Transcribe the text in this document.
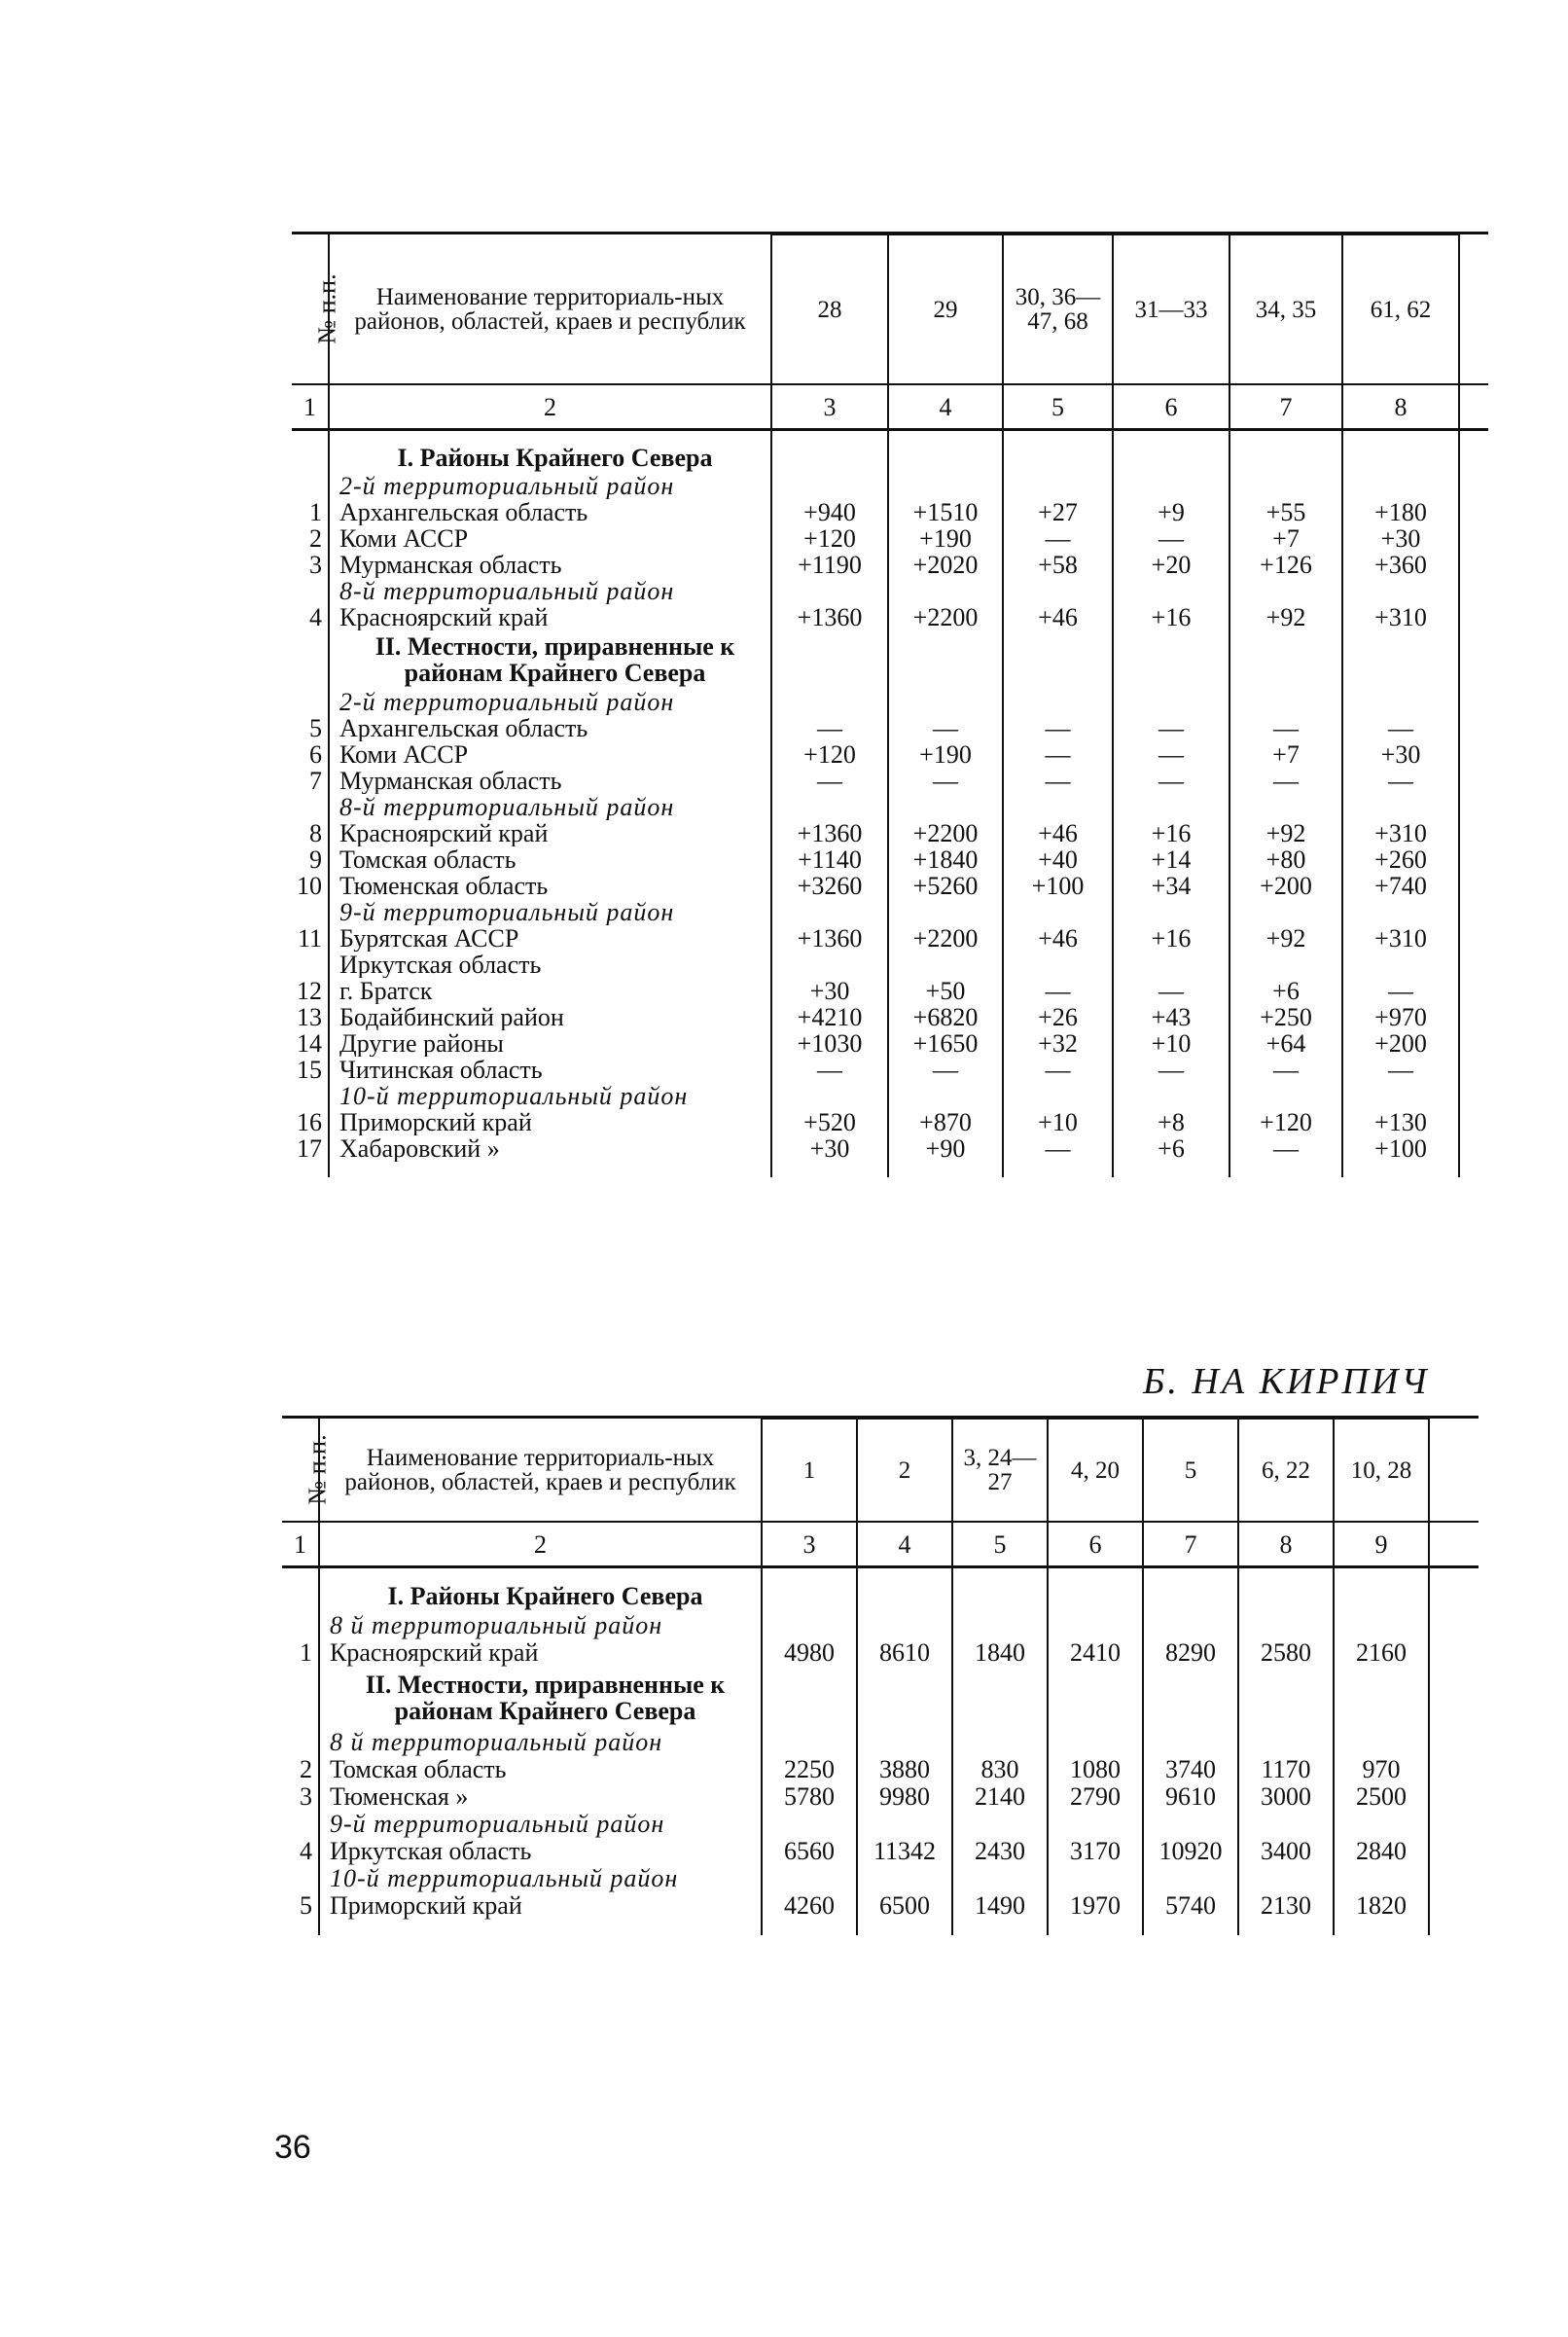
№ п.п.	Наименование территориаль-ных районов, областей, краев и республик	28	29	30, 36—47, 68	31—33	34, 35	61, 62	
1	2	3	4	5	6	7	8	

	I. Районы Крайнего Севера							
	2-й территориальный район							
1	Архангельская область	+940	+1510	+27	+9	+55	+180	
2	Коми АССР	+120	+190	—	—	+7	+30	
3	Мурманская область	+1190	+2020	+58	+20	+126	+360	
	8-й территориальный район							
4	Красноярский край	+1360	+2200	+46	+16	+92	+310	
	II. Местности, приравненные к районам Крайнего Севера							
	2-й территориальный район							
5	Архангельская область	—	—	—	—	—	—	
6	Коми АССР	+120	+190	—	—	+7	+30	
7	Мурманская область	—	—	—	—	—	—	
	8-й территориальный район							
8	Красноярский край	+1360	+2200	+46	+16	+92	+310	
9	Томская область	+1140	+1840	+40	+14	+80	+260	
10	Тюменская область	+3260	+5260	+100	+34	+200	+740	
	9-й территориальный район							
11	Бурятская АССР	+1360	+2200	+46	+16	+92	+310	
	Иркутская область							
12	г. Братск	+30	+50	—	—	+6	—	
13	Бодайбинский район	+4210	+6820	+26	+43	+250	+970	
14	Другие районы	+1030	+1650	+32	+10	+64	+200	
15	Читинская область	—	—	—	—	—	—	
	10-й территориальный район							
16	Приморский край	+520	+870	+10	+8	+120	+130	
17	Хабаровский »	+30	+90	—	+6	—	+100	

Б. НА КИРПИЧ
№ п.п.	Наименование территориаль-ных районов, областей, краев и республик	1	2	3, 24—27	4, 20	5	6, 22	10, 28	
1	2	3	4	5	6	7	8	9	

	I. Районы Крайнего Севера								
	8 й территориальный район								
1	Красноярский край	4980	8610	1840	2410	8290	2580	2160	
	II. Местности, приравненные к районам Крайнего Севера								
	8 й территориальный район								
2	Томская область	2250	3880	830	1080	3740	1170	970	
3	Тюменская »	5780	9980	2140	2790	9610	3000	2500	
	9-й территориальный район								
4	Иркутская область	6560	11342	2430	3170	10920	3400	2840	
	10-й территориальный район								
5	Приморский край	4260	6500	1490	1970	5740	2130	1820	

36
